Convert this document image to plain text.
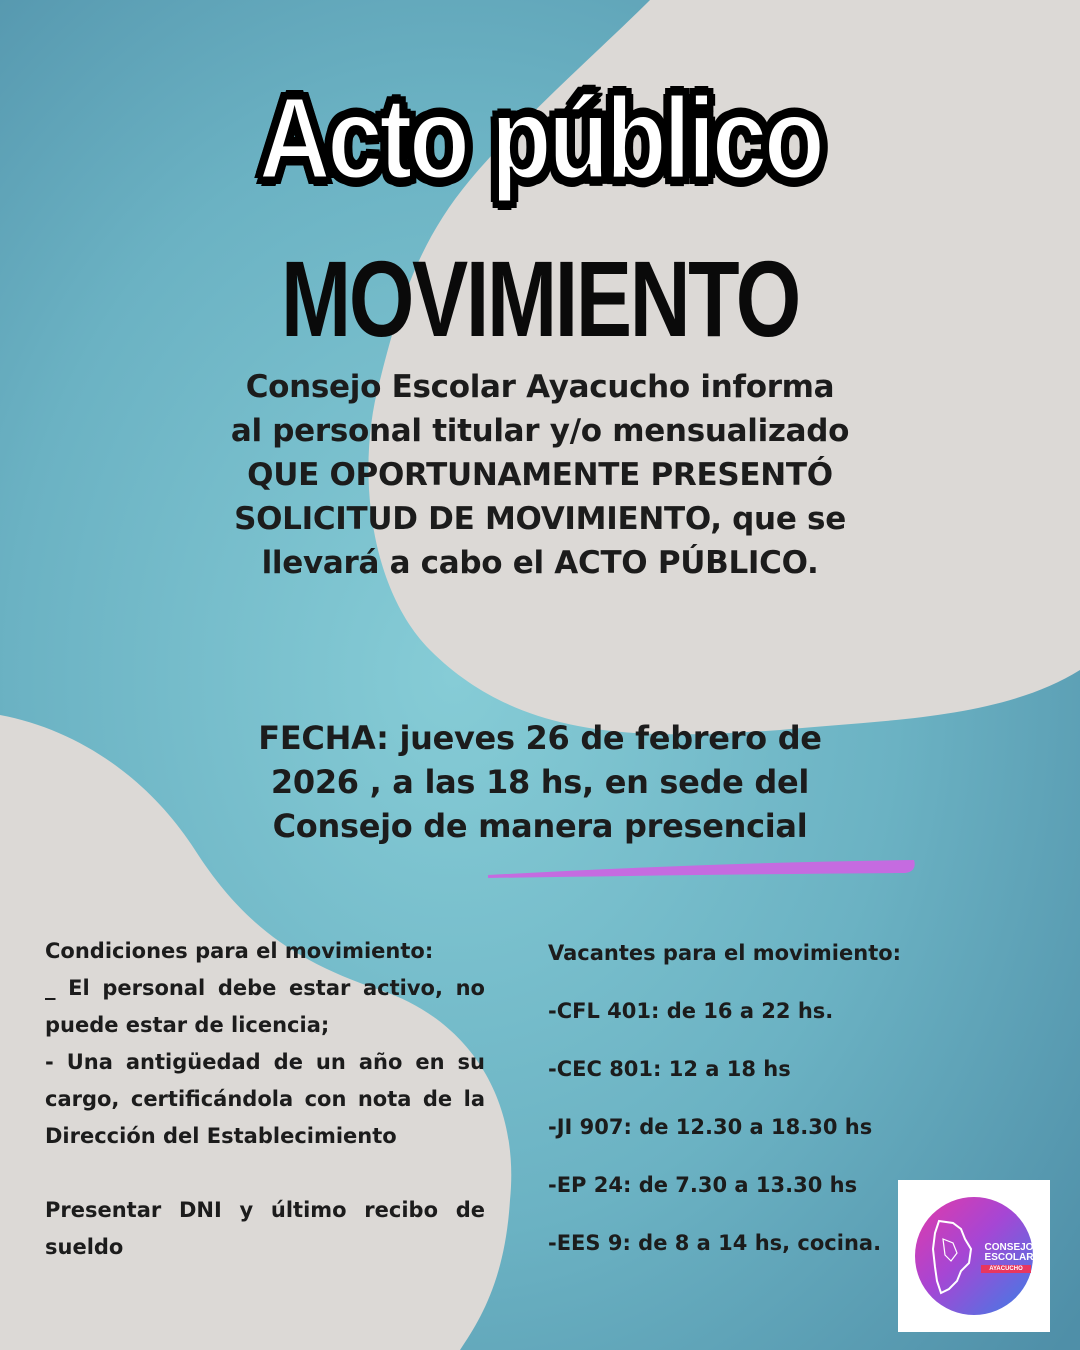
Acto público
MOVIMIENTO
Consejo Escolar Ayacucho informa al personal titular y/o mensualizado QUE OPORTUNAMENTE PRESENTÓ SOLICITUD DE MOVIMIENTO, que se llevará a cabo el ACTO PÚBLICO.
FECHA: jueves 26 de febrero de 2026 , a las 18 hs, en sede del Consejo de manera presencial

Condiciones para el movimiento:

_ El personal debe estar activo, no puede estar de licencia;

- Una antigüedad de un año en su cargo, certificándola con nota de la Dirección del Establecimiento

Presentar DNI y último recibo de sueldo

Vacantes para el movimiento:
-CFL 401: de 16 a 22 hs.
-CEC 801: 12 a 18 hs
-JI 907: de 12.30 a 18.30 hs
-EP 24: de 7.30 a 13.30 hs
-EES 9: de 8 a 14 hs, cocina.	CONSEJO
ESCOLAR
AYACUCHO
